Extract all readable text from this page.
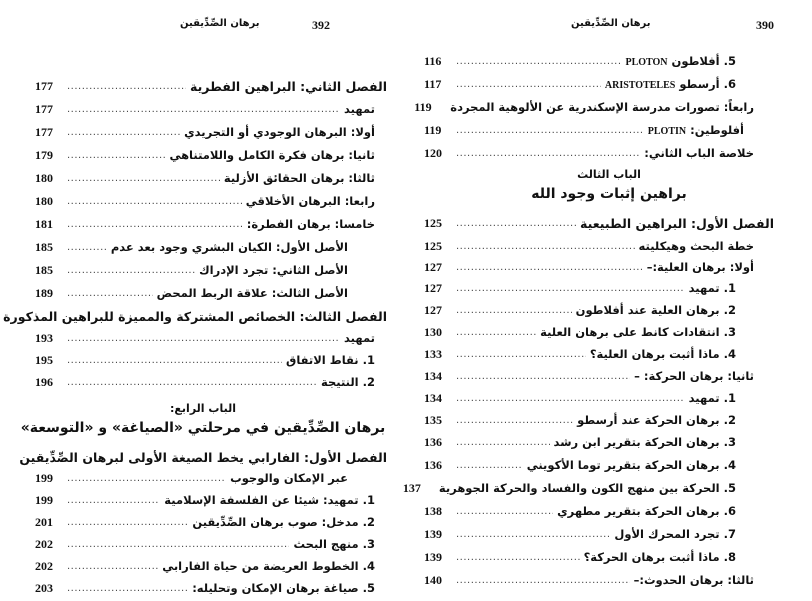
392
برهان الصِّدِّيقين
الفصل الثاني: البراهين الفطرية
.....
177
تمهيد
.....
177
أولا: البرهان الوجودي أو التجريدي
.....
177
ثانيا: برهان فكرة الكامل واللامتناهي
.....
179
ثالثا: برهان الحقائق الأزلية
.....
180
رابعا: البرهان الأخلاقي
.....
180
خامسا: برهان الفطرة:
.....
181
الأصل الأول: الكيان البشري وجود بعد عدم
.....
185
الأصل الثاني: تجرد الإدراك
.....
185
الأصل الثالث: علاقة الربط المحض
.....
189
الفصل الثالث: الخصائص المشتركة والمميزة للبراهين المذكورة
تمهيد
.....
193
1. نقاط الاتفاق
.....
195
2. النتيجة
.....
196
الباب الرابع:
برهان الصِّدِّيقين في مرحلتي «الصياغة» و «التوسعة»
الفصل الأول: الفارابي يخط الصيغة الأولى لبرهان الصِّدِّيقين
عبر الإمكان والوجوب
.....
199
1. تمهيد: شيئا عن الفلسفة الإسلامية
.....
199
2. مدخل: صوب برهان الصِّدِّيقين
.....
201
3. منهج البحث
.....
202
4. الخطوط العريضة من حياة الفارابي
.....
202
5. صياغة برهان الإمكان وتحليله:
.....
203
390
برهان الصِّدِّيقين
5. أفلاطون PLOTON
.....
116
6. أرسطو ARISTOTELES
.....
117
رابعاً: تصورات مدرسة الإسكندرية عن الألوهية المجردة
119
أفلوطين: PLOTIN
.....
119
خلاصة الباب الثاني:
.....
120
الباب الثالث
براهين إثبات وجود الله
الفصل الأول: البراهين الطبيعية
.....
125
خطة البحث وهيكليته
.....
125
أولا: برهان العلية:–
.....
127
1. تمهيد
.....
127
2. برهان العلية عند أفلاطون
.....
127
3. انتقادات كانط على برهان العلية
.....
130
4. ماذا أثبت برهان العلية؟
.....
133
ثانيا: برهان الحركة: –
.....
134
1. تمهيد
.....
134
2. برهان الحركة عند أرسطو
.....
135
3. برهان الحركة بتقرير ابن رشد
.....
136
4. برهان الحركة بتقرير توما الأكويني
.....
136
5. الحركة بين منهج الكون والفساد والحركة الجوهرية
137
6. برهان الحركة بتقرير مطهري
.....
138
7. تجرد المحرك الأول
.....
139
8. ماذا أثبت برهان الحركة؟
.....
139
ثالثا: برهان الحدوث:–
.....
140
